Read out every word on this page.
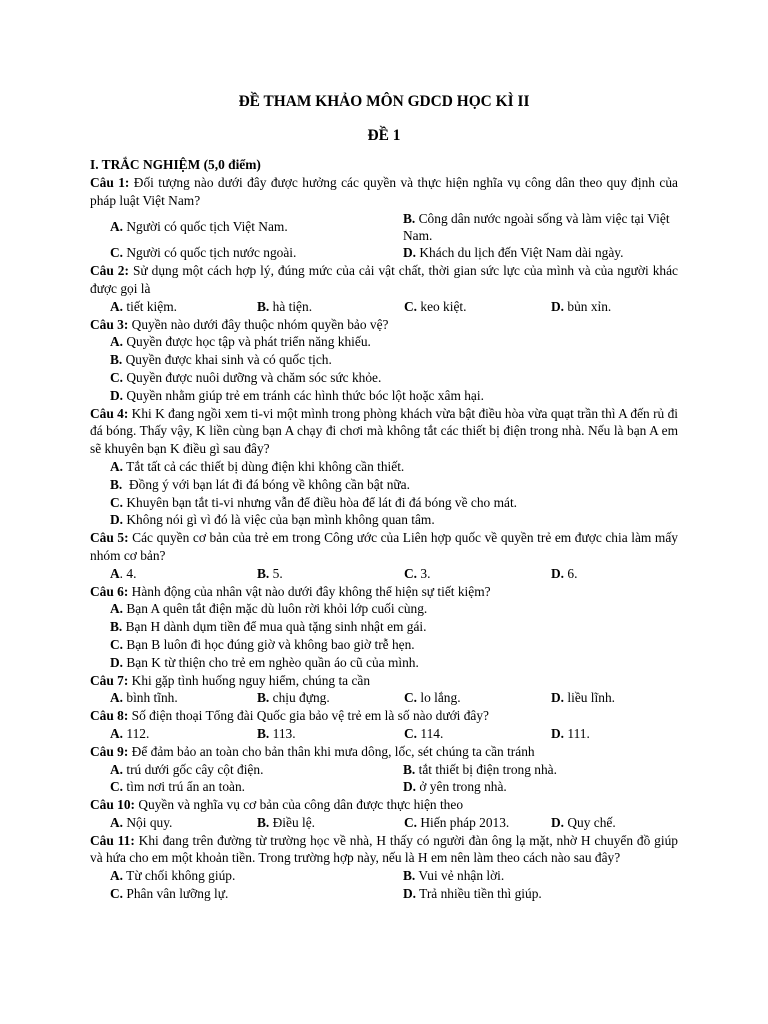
ĐỀ THAM KHẢO MÔN GDCD HỌC KÌ II

ĐỀ 1

I. TRẮC NGHIỆM (5,0 điểm)

Câu 1: Đối tượng nào dưới đây được hưởng các quyền và thực hiện nghĩa vụ công dân theo quy định của pháp luật Việt Nam?

A. Người có quốc tịch Việt Nam.

B. Công dân nước ngoài sống và làm việc tại Việt Nam.

C. Người có quốc tịch nước ngoài.	D. Khách du lịch đến Việt Nam dài ngày.

Câu 2: Sử dụng một cách hợp lý, đúng mức của cải vật chất, thời gian sức lực của mình và của người khác được gọi là

A. tiết kiệm.	B. hà tiện.	C. keo kiệt.	D. bủn xỉn.

Câu 3: Quyền nào dưới đây thuộc nhóm quyền bảo vệ?

A. Quyền được học tập và phát triển năng khiếu.

B. Quyền được khai sinh và có quốc tịch.

C. Quyền được nuôi dưỡng và chăm sóc sức khỏe.

D. Quyền nhằm giúp trẻ em tránh các hình thức bóc lột hoặc xâm hại.

Câu 4: Khi K đang ngồi xem ti-vi một mình trong phòng khách vừa bật điều hòa vừa quạt trần thì A đến rủ đi đá bóng. Thấy vậy, K liền cùng bạn A chạy đi chơi mà không tắt các thiết bị điện trong nhà. Nếu là bạn A em sẽ khuyên bạn K điều gì sau đây?

A. Tắt tất cả các thiết bị dùng điện khi không cần thiết.

B.  Đồng ý với bạn lát đi đá bóng về không cần bật nữa.

C. Khuyên bạn tắt ti-vi nhưng vẫn để điều hòa để lát đi đá bóng về cho mát.

D. Không nói gì vì đó là việc của bạn mình không quan tâm.

Câu 5: Các quyền cơ bản của trẻ em trong Công ước của Liên hợp quốc về quyền trẻ em được chia làm mấy nhóm cơ bản?

A. 4.	B. 5.	C. 3.	D. 6.

Câu 6: Hành động của nhân vật nào dưới đây không thể hiện sự tiết kiệm?

A. Bạn A quên tắt điện mặc dù luôn rời khỏi lớp cuối cùng.

B. Bạn H dành dụm tiền để mua quà tặng sinh nhật em gái.

C. Bạn B luôn đi học đúng giờ và không bao giờ trễ hẹn.

D. Bạn K từ thiện cho trẻ em nghèo quần áo cũ của mình.

Câu 7: Khi gặp tình huống nguy hiểm, chúng ta cần

A. bình tĩnh.	B. chịu đựng.	C. lo lắng.	D. liều lĩnh.

Câu 8: Số điện thoại Tổng đài Quốc gia bảo vệ trẻ em là số nào dưới đây?

A. 112.	B. 113.	C. 114.	D. 111.

Câu 9: Để đảm bảo an toàn cho bản thân khi mưa dông, lốc, sét chúng ta cần tránh

A. trú dưới gốc cây cột điện.	B. tắt thiết bị điện trong nhà.

C. tìm nơi trú ẩn an toàn.	D. ở yên trong nhà.

Câu 10: Quyền và nghĩa vụ cơ bản của công dân được thực hiện theo

A. Nội quy.	B. Điều lệ.	C. Hiến pháp 2013.	D. Quy chế.

Câu 11: Khi đang trên đường từ trường học về nhà, H thấy có người đàn ông lạ mặt, nhờ H chuyển đồ giúp và hứa cho em một khoản tiền. Trong trường hợp này, nếu là H em nên làm theo cách nào sau đây?

A. Từ chối không giúp.	B. Vui vẻ nhận lời.

C. Phân vân lưỡng lự.	D. Trả nhiều tiền thì giúp.
